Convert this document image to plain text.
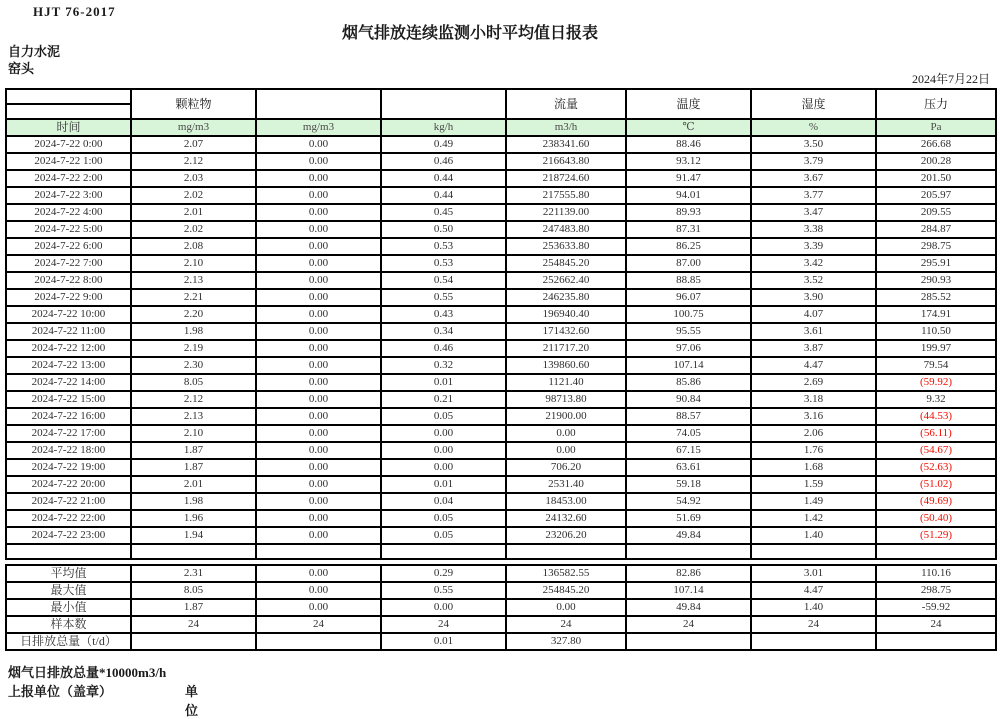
HJT 76-2017
烟气排放连续监测小时平均值日报表
自力水泥
窑头
2024年7月22日
	颗粒物			流量	温度	湿度	压力

时间	mg/m3	mg/m3	kg/h	m3/h	℃	%	Pa
2024-7-22 0:00	2.07	0.00	0.49	238341.60	88.46	3.50	266.68
2024-7-22 1:00	2.12	0.00	0.46	216643.80	93.12	3.79	200.28
2024-7-22 2:00	2.03	0.00	0.44	218724.60	91.47	3.67	201.50
2024-7-22 3:00	2.02	0.00	0.44	217555.80	94.01	3.77	205.97
2024-7-22 4:00	2.01	0.00	0.45	221139.00	89.93	3.47	209.55
2024-7-22 5:00	2.02	0.00	0.50	247483.80	87.31	3.38	284.87
2024-7-22 6:00	2.08	0.00	0.53	253633.80	86.25	3.39	298.75
2024-7-22 7:00	2.10	0.00	0.53	254845.20	87.00	3.42	295.91
2024-7-22 8:00	2.13	0.00	0.54	252662.40	88.85	3.52	290.93
2024-7-22 9:00	2.21	0.00	0.55	246235.80	96.07	3.90	285.52
2024-7-22 10:00	2.20	0.00	0.43	196940.40	100.75	4.07	174.91
2024-7-22 11:00	1.98	0.00	0.34	171432.60	95.55	3.61	110.50
2024-7-22 12:00	2.19	0.00	0.46	211717.20	97.06	3.87	199.97
2024-7-22 13:00	2.30	0.00	0.32	139860.60	107.14	4.47	79.54
2024-7-22 14:00	8.05	0.00	0.01	1121.40	85.86	2.69	(59.92)
2024-7-22 15:00	2.12	0.00	0.21	98713.80	90.84	3.18	9.32
2024-7-22 16:00	2.13	0.00	0.05	21900.00	88.57	3.16	(44.53)
2024-7-22 17:00	2.10	0.00	0.00	0.00	74.05	2.06	(56.11)
2024-7-22 18:00	1.87	0.00	0.00	0.00	67.15	1.76	(54.67)
2024-7-22 19:00	1.87	0.00	0.00	706.20	63.61	1.68	(52.63)
2024-7-22 20:00	2.01	0.00	0.01	2531.40	59.18	1.59	(51.02)
2024-7-22 21:00	1.98	0.00	0.04	18453.00	54.92	1.49	(49.69)
2024-7-22 22:00	1.96	0.00	0.05	24132.60	51.69	1.42	(50.40)
2024-7-22 23:00	1.94	0.00	0.05	23206.20	49.84	1.40	(51.29)

平均值	2.31	0.00	0.29	136582.55	82.86	3.01	110.16
最大值	8.05	0.00	0.55	254845.20	107.14	4.47	298.75
最小值	1.87	0.00	0.00	0.00	49.84	1.40	-59.92
样本数	24	24	24	24	24	24	24
日排放总量（t/d）			0.01	327.80			
烟气日排放总量*10000m3/h
上报单位（盖章）	单位
